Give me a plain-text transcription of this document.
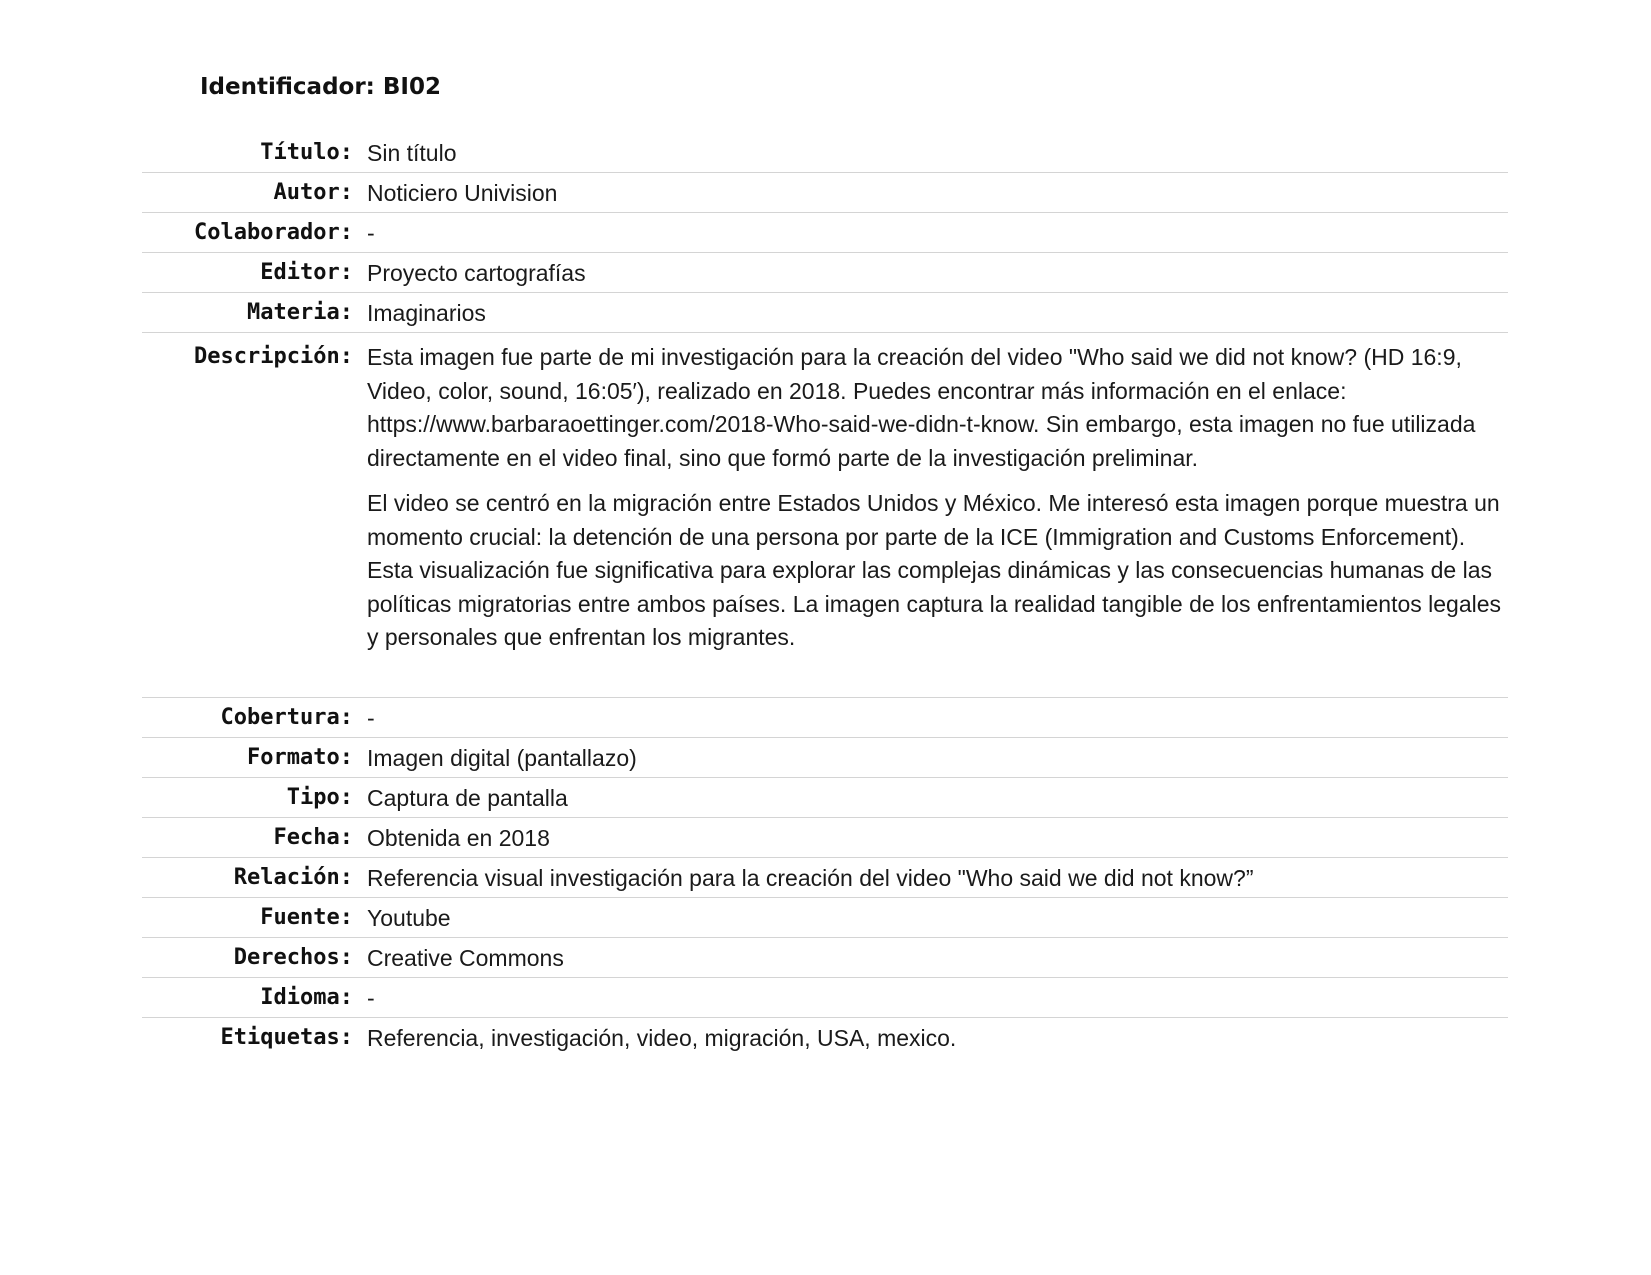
Identificador: BI02
Título: Sin título
Autor: Noticiero Univision
Colaborador: -
Editor: Proyecto cartografías
Materia: Imaginarios
Descripción: Esta imagen fue parte de mi investigación para la creación del video "Who said we did not know? (HD 16:9, Video, color, sound, 16:05′), realizado en 2018. Puedes encontrar más información en el enlace: https://www.barbaraoettinger.com/2018-Who-said-we-didn-t-know. Sin embargo, esta imagen no fue utilizada directamente en el video final, sino que formó parte de la investigación preliminar.

El video se centró en la migración entre Estados Unidos y México. Me interesó esta imagen porque muestra un momento crucial: la detención de una persona por parte de la ICE (Immigration and Customs Enforcement). Esta visualización fue significativa para explorar las complejas dinámicas y las consecuencias humanas de las políticas migratorias entre ambos países. La imagen captura la realidad tangible de los enfrentamientos legales y personales que enfrentan los migrantes.

Cobertura: -
Formato: Imagen digital (pantallazo)
Tipo: Captura de pantalla
Fecha: Obtenida en 2018
Relación: Referencia visual investigación para la creación del video "Who said we did not know?”
Fuente: Youtube
Derechos: Creative Commons
Idioma: -
Etiquetas: Referencia, investigación, video, migración, USA, mexico.
